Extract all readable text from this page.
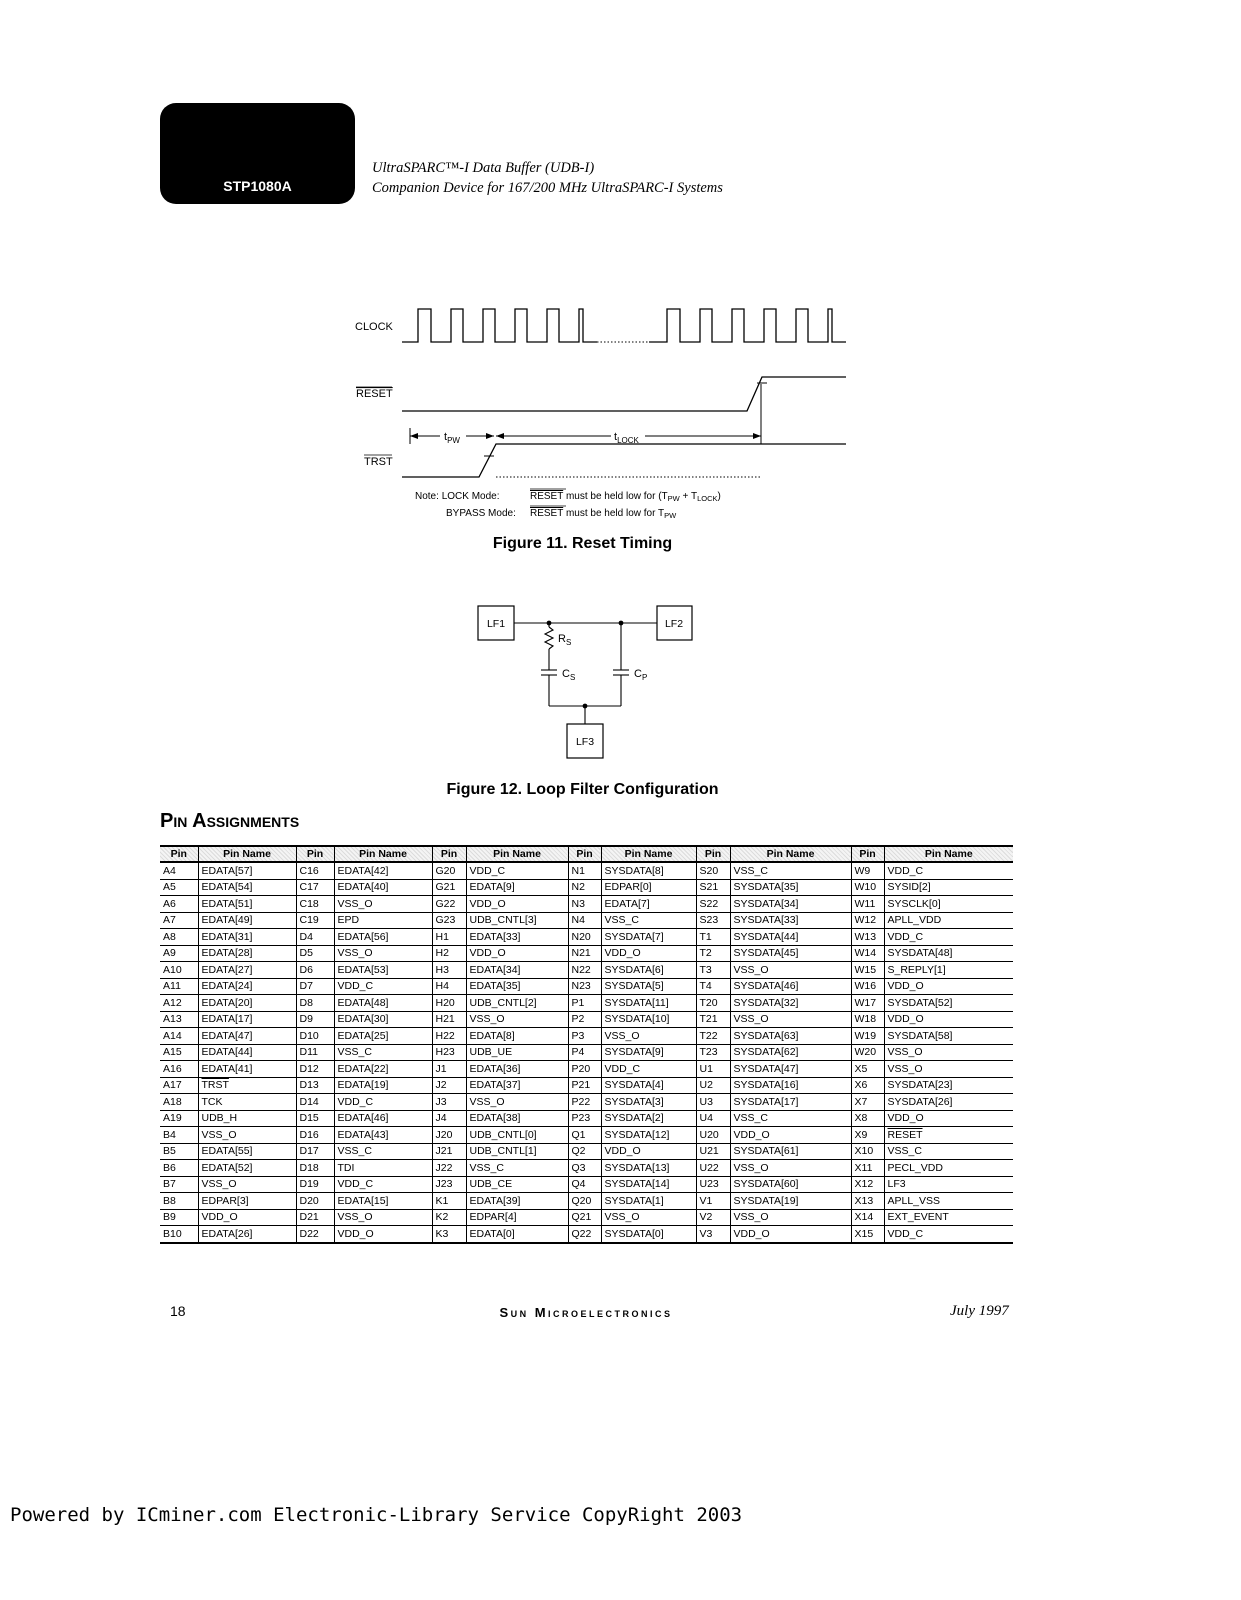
STP1080A
UltraSPARC™-I Data Buffer (UDB-I)
Companion Device for 167/200 MHz UltraSPARC-I Systems
CLOCK
RESET
TRST
$t_{PW}$	$t_{LOCK}$
Note: LOCK Mode:	RESET must be held low for $(T_{PW} + T_{LOCK})$
BYPASS Mode: RESET must be held low for $T_{PW}$
Figure 11. Reset Timing
LF1	LF2
LF3
$R_S$
$C_S$	$C_P$
Figure 12. Loop Filter Configuration
Pin Assignments
Pin	Pin Name	Pin	Pin Name	Pin	Pin Name	Pin	Pin Name	Pin	Pin Name	Pin	Pin Name
A4	EDATA[57]	C16	EDATA[42]	G20	VDD_C	N1	SYSDATA[8]	S20	VSS_C	W9	VDD_C
A5	EDATA[54]	C17	EDATA[40]	G21	EDATA[9]	N2	EDPAR[0]	S21	SYSDATA[35]	W10	SYSID[2]
A6	EDATA[51]	C18	VSS_O	G22	VDD_O	N3	EDATA[7]	S22	SYSDATA[34]	W11	SYSCLK[0]
A7	EDATA[49]	C19	EPD	G23	UDB_CNTL[3]	N4	VSS_C	S23	SYSDATA[33]	W12	APLL_VDD
A8	EDATA[31]	D4	EDATA[56]	H1	EDATA[33]	N20	SYSDATA[7]	T1	SYSDATA[44]	W13	VDD_C
A9	EDATA[28]	D5	VSS_O	H2	VDD_O	N21	VDD_O	T2	SYSDATA[45]	W14	SYSDATA[48]
A10	EDATA[27]	D6	EDATA[53]	H3	EDATA[34]	N22	SYSDATA[6]	T3	VSS_O	W15	S_REPLY[1]
A11	EDATA[24]	D7	VDD_C	H4	EDATA[35]	N23	SYSDATA[5]	T4	SYSDATA[46]	W16	VDD_O
A12	EDATA[20]	D8	EDATA[48]	H20	UDB_CNTL[2]	P1	SYSDATA[11]	T20	SYSDATA[32]	W17	SYSDATA[52]
A13	EDATA[17]	D9	EDATA[30]	H21	VSS_O	P2	SYSDATA[10]	T21	VSS_O	W18	VDD_O
A14	EDATA[47]	D10	EDATA[25]	H22	EDATA[8]	P3	VSS_O	T22	SYSDATA[63]	W19	SYSDATA[58]
A15	EDATA[44]	D11	VSS_C	H23	UDB_UE	P4	SYSDATA[9]	T23	SYSDATA[62]	W20	VSS_O
A16	EDATA[41]	D12	EDATA[22]	J1	EDATA[36]	P20	VDD_C	U1	SYSDATA[47]	X5	VSS_O
A17	TRST	D13	EDATA[19]	J2	EDATA[37]	P21	SYSDATA[4]	U2	SYSDATA[16]	X6	SYSDATA[23]
A18	TCK	D14	VDD_C	J3	VSS_O	P22	SYSDATA[3]	U3	SYSDATA[17]	X7	SYSDATA[26]
A19	UDB_H	D15	EDATA[46]	J4	EDATA[38]	P23	SYSDATA[2]	U4	VSS_C	X8	VDD_O
B4	VSS_O	D16	EDATA[43]	J20	UDB_CNTL[0]	Q1	SYSDATA[12]	U20	VDD_O	X9	RESET
B5	EDATA[55]	D17	VSS_C	J21	UDB_CNTL[1]	Q2	VDD_O	U21	SYSDATA[61]	X10	VSS_C
B6	EDATA[52]	D18	TDI	J22	VSS_C	Q3	SYSDATA[13]	U22	VSS_O	X11	PECL_VDD
B7	VSS_O	D19	VDD_C	J23	UDB_CE	Q4	SYSDATA[14]	U23	SYSDATA[60]	X12	LF3
B8	EDPAR[3]	D20	EDATA[15]	K1	EDATA[39]	Q20	SYSDATA[1]	V1	SYSDATA[19]	X13	APLL_VSS
B9	VDD_O	D21	VSS_O	K2	EDPAR[4]	Q21	VSS_O	V2	VSS_O	X14	EXT_EVENT
B10	EDATA[26]	D22	VDD_O	K3	EDATA[0]	Q22	SYSDATA[0]	V3	VDD_O	X15	VDD_C
18	Sun Microelectronics	July 1997
Powered by ICminer.com Electronic-Library Service CopyRight 2003
